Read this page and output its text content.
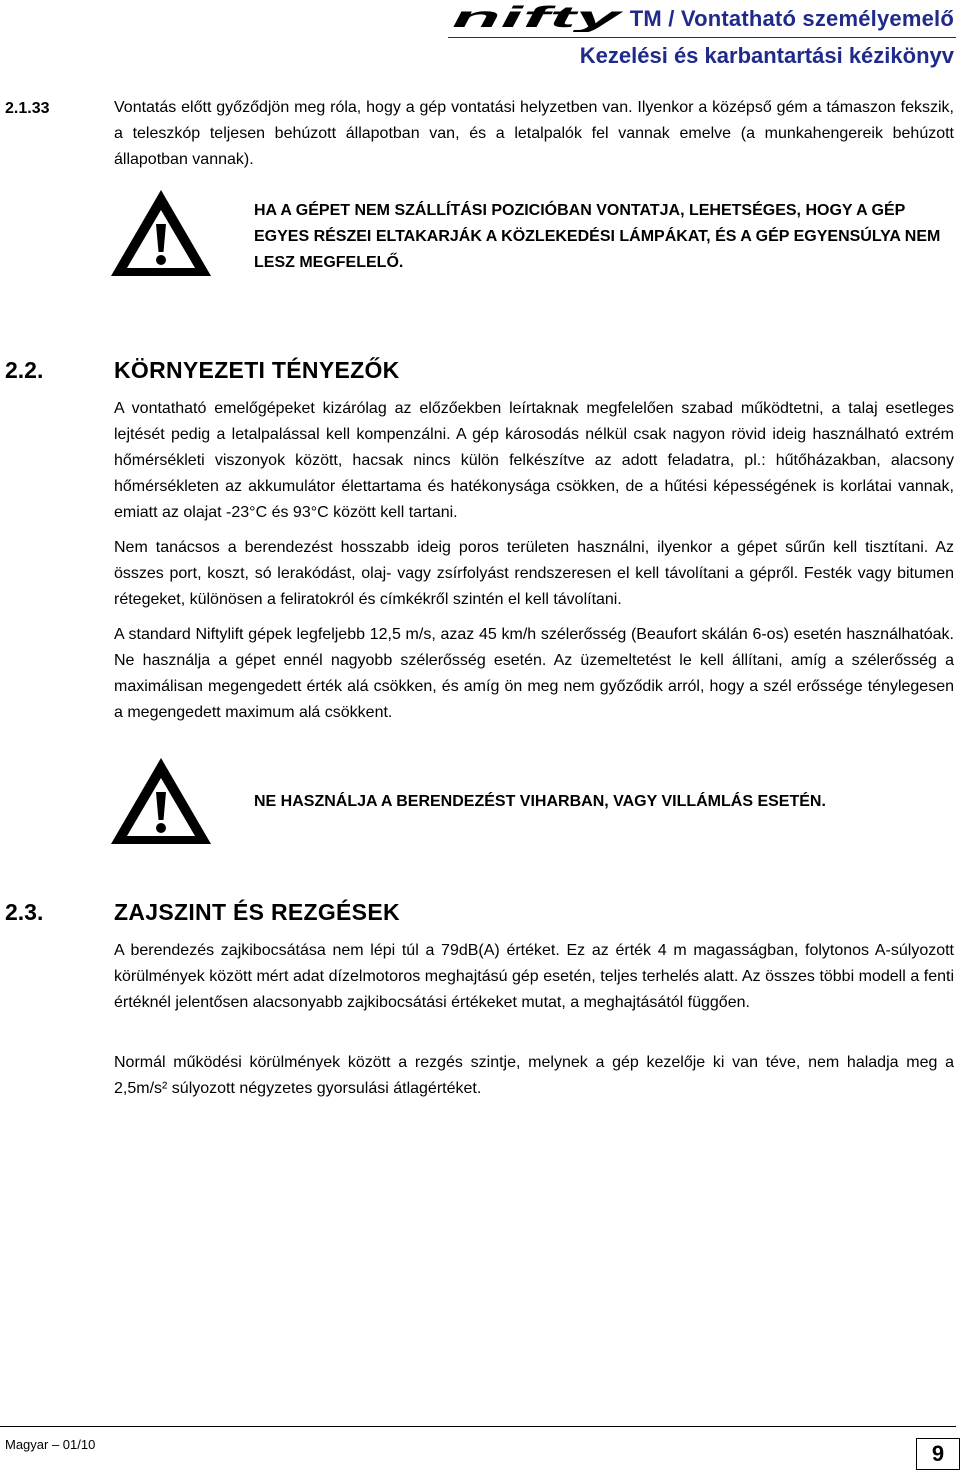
nifty TM / Vontatható személyemelő
Kezelési és karbantartási kézikönyv
2.1.33	Vontatás előtt győződjön meg róla, hogy a gép vontatási helyzetben van. Ilyenkor a középső gém a támaszon fekszik, a teleszkóp teljesen behúzott állapotban van, és a letalpalók fel vannak emelve (a munkahengereik behúzott állapotban vannak).

HA A GÉPET NEM SZÁLLÍTÁSI POZICIÓBAN VONTATJA, LEHETSÉGES, HOGY A GÉP EGYES RÉSZEI ELTAKARJÁK A KÖZLEKEDÉSI LÁMPÁKAT, ÉS A GÉP EGYENSÚLYA NEM LESZ MEGFELELŐ.

2.2.	KÖRNYEZETI TÉNYEZŐK

A vontatható emelőgépeket kizárólag az előzőekben leírtaknak megfelelően szabad működtetni, a talaj esetleges lejtését pedig a letalpalással kell kompenzálni. A gép károsodás nélkül csak nagyon rövid ideig használható extrém hőmérsékleti viszonyok között, hacsak nincs külön felkészítve az adott feladatra, pl.: hűtőházakban, alacsony hőmérsékleten az akkumulátor élettartama és hatékonysága csökken, de a hűtési képességének is korlátai vannak, emiatt az olajat -23°C és 93°C között kell tartani.

Nem tanácsos a berendezést hosszabb ideig poros területen használni, ilyenkor a gépet sűrűn kell tisztítani. Az összes port, koszt, só lerakódást, olaj- vagy zsírfolyást rendszeresen el kell távolítani a gépről. Festék vagy bitumen rétegeket, különösen a feliratokról és címkékről szintén el kell távolítani.

A standard Niftylift gépek legfeljebb 12,5 m/s, azaz 45 km/h szélerősség (Beaufort skálán 6-os) esetén használhatóak. Ne használja a gépet ennél nagyobb szélerősség esetén. Az üzemeltetést le kell állítani, amíg a szélerősség a maximálisan megengedett érték alá csökken, és amíg ön meg nem győződik arról, hogy a szél erőssége ténylegesen a megengedett maximum alá csökkent.

NE HASZNÁLJA A BERENDEZÉST VIHARBAN, VAGY VILLÁMLÁS ESETÉN.

2.3.	ZAJSZINT ÉS REZGÉSEK

A berendezés zajkibocsátása nem lépi túl a 79dB(A) értéket. Ez az érték 4 m magasságban, folytonos A-súlyozott körülmények között mért adat dízelmotoros meghajtású gép esetén, teljes terhelés alatt. Az összes többi modell a fenti értéknél jelentősen alacsonyabb zajkibocsátási értékeket mutat, a meghajtásától függően.

Normál működési körülmények között a rezgés szintje, melynek a gép kezelője ki van téve, nem haladja meg a 2,5m/s² súlyozott négyzetes gyorsulási átlagértéket.

Magyar – 01/10	9
